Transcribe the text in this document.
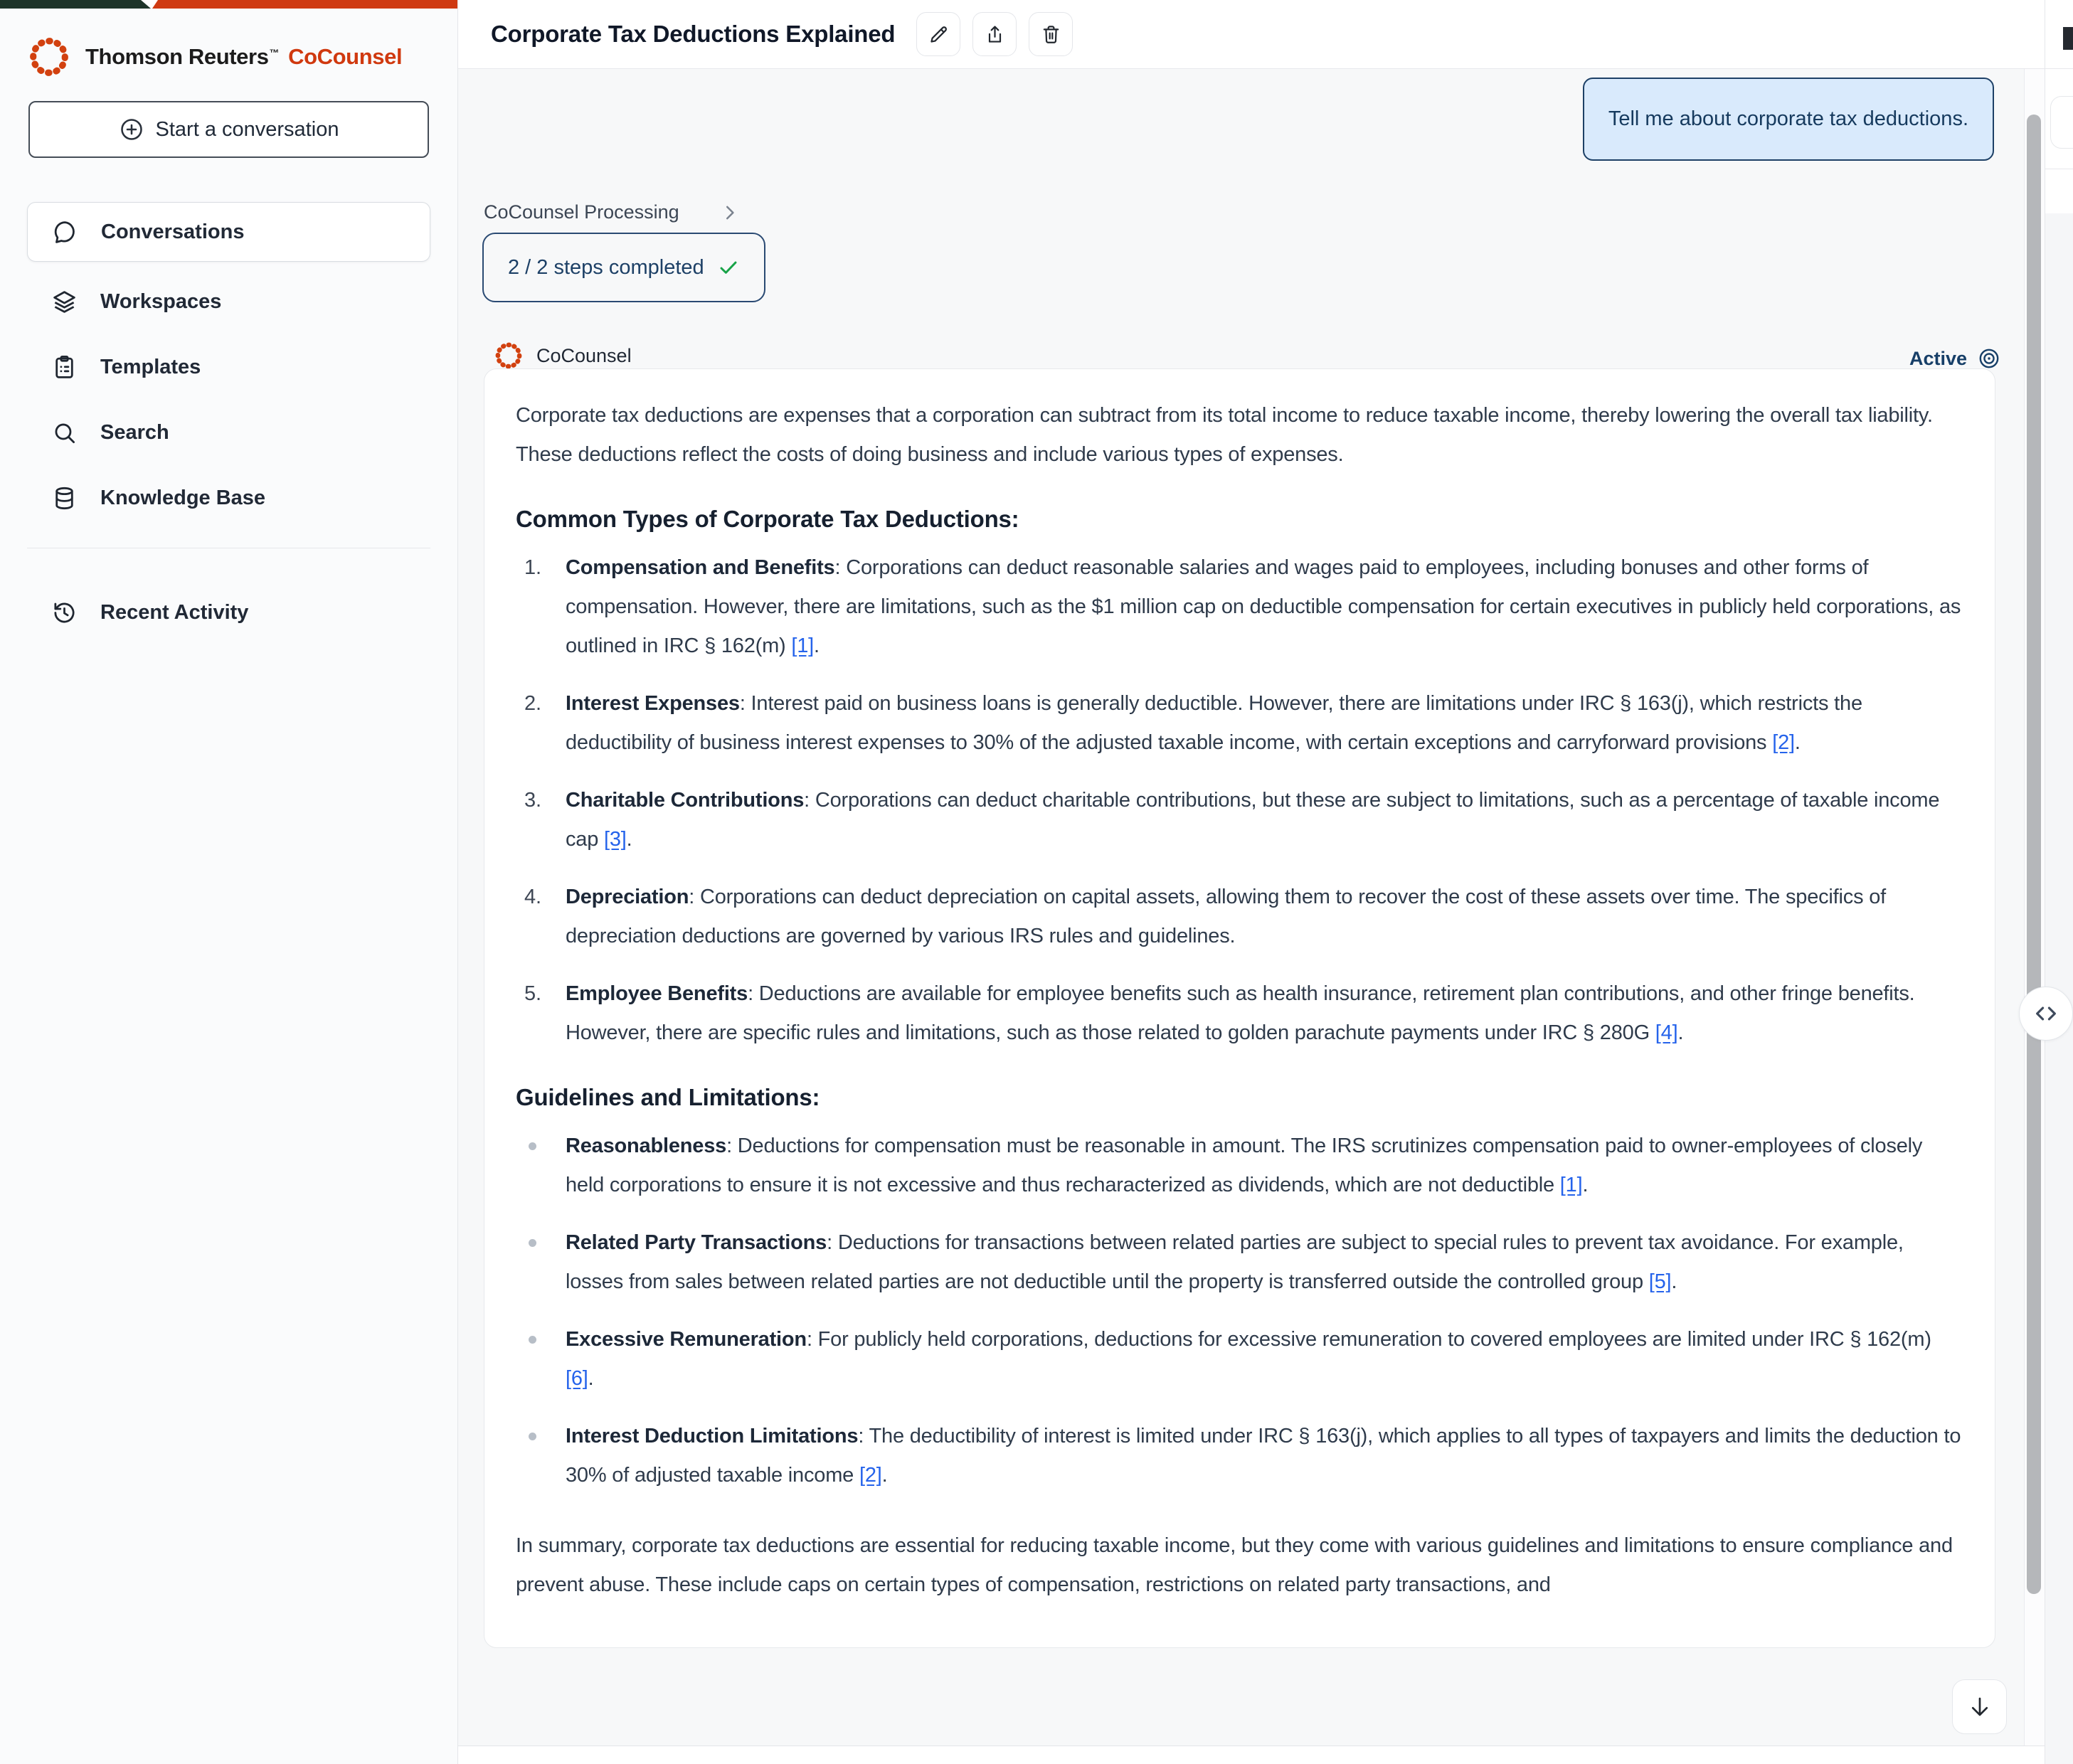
Thomson Reuters™ CoCounsel
Start a conversation
Conversations
Workspaces
Templates
Search
Knowledge Base
Recent Activity
Corporate Tax Deductions Explained
Tell me about corporate tax deductions.
CoCounsel Processing
2 / 2 steps completed
CoCounsel	Active

Corporate tax deductions are expenses that a corporation can subtract from its total income to reduce taxable income, thereby lowering the overall tax liability. These deductions reflect the costs of doing business and include various types of expenses.

Common Types of Corporate Tax Deductions:
Compensation and Benefits: Corporations can deduct reasonable salaries and wages paid to employees, including bonuses and other forms of compensation. However, there are limitations, such as the $1 million cap on deductible compensation for certain executives in publicly held corporations, as outlined in IRC § 162(m) [1].
Interest Expenses: Interest paid on business loans is generally deductible. However, there are limitations under IRC § 163(j), which restricts the deductibility of business interest expenses to 30% of the adjusted taxable income, with certain exceptions and carryforward provisions [2].
Charitable Contributions: Corporations can deduct charitable contributions, but these are subject to limitations, such as a percentage of taxable income cap [3].
Depreciation: Corporations can deduct depreciation on capital assets, allowing them to recover the cost of these assets over time. The specifics of depreciation deductions are governed by various IRS rules and guidelines.
Employee Benefits: Deductions are available for employee benefits such as health insurance, retirement plan contributions, and other fringe benefits. However, there are specific rules and limitations, such as those related to golden parachute payments under IRC § 280G [4].
Guidelines and Limitations:
Reasonableness: Deductions for compensation must be reasonable in amount. The IRS scrutinizes compensation paid to owner-employees of closely held corporations to ensure it is not excessive and thus recharacterized as dividends, which are not deductible [1].
Related Party Transactions: Deductions for transactions between related parties are subject to special rules to prevent tax avoidance. For example, losses from sales between related parties are not deductible until the property is transferred outside the controlled group [5].
Excessive Remuneration: For publicly held corporations, deductions for excessive remuneration to covered employees are limited under IRC § 162(m) [6].
Interest Deduction Limitations: The deductibility of interest is limited under IRC § 163(j), which applies to all types of taxpayers and limits the deduction to 30% of adjusted taxable income [2].

In summary, corporate tax deductions are essential for reducing taxable income, but they come with various guidelines and limitations to ensure compliance and prevent abuse. These include caps on certain types of compensation, restrictions on related party transactions, and
